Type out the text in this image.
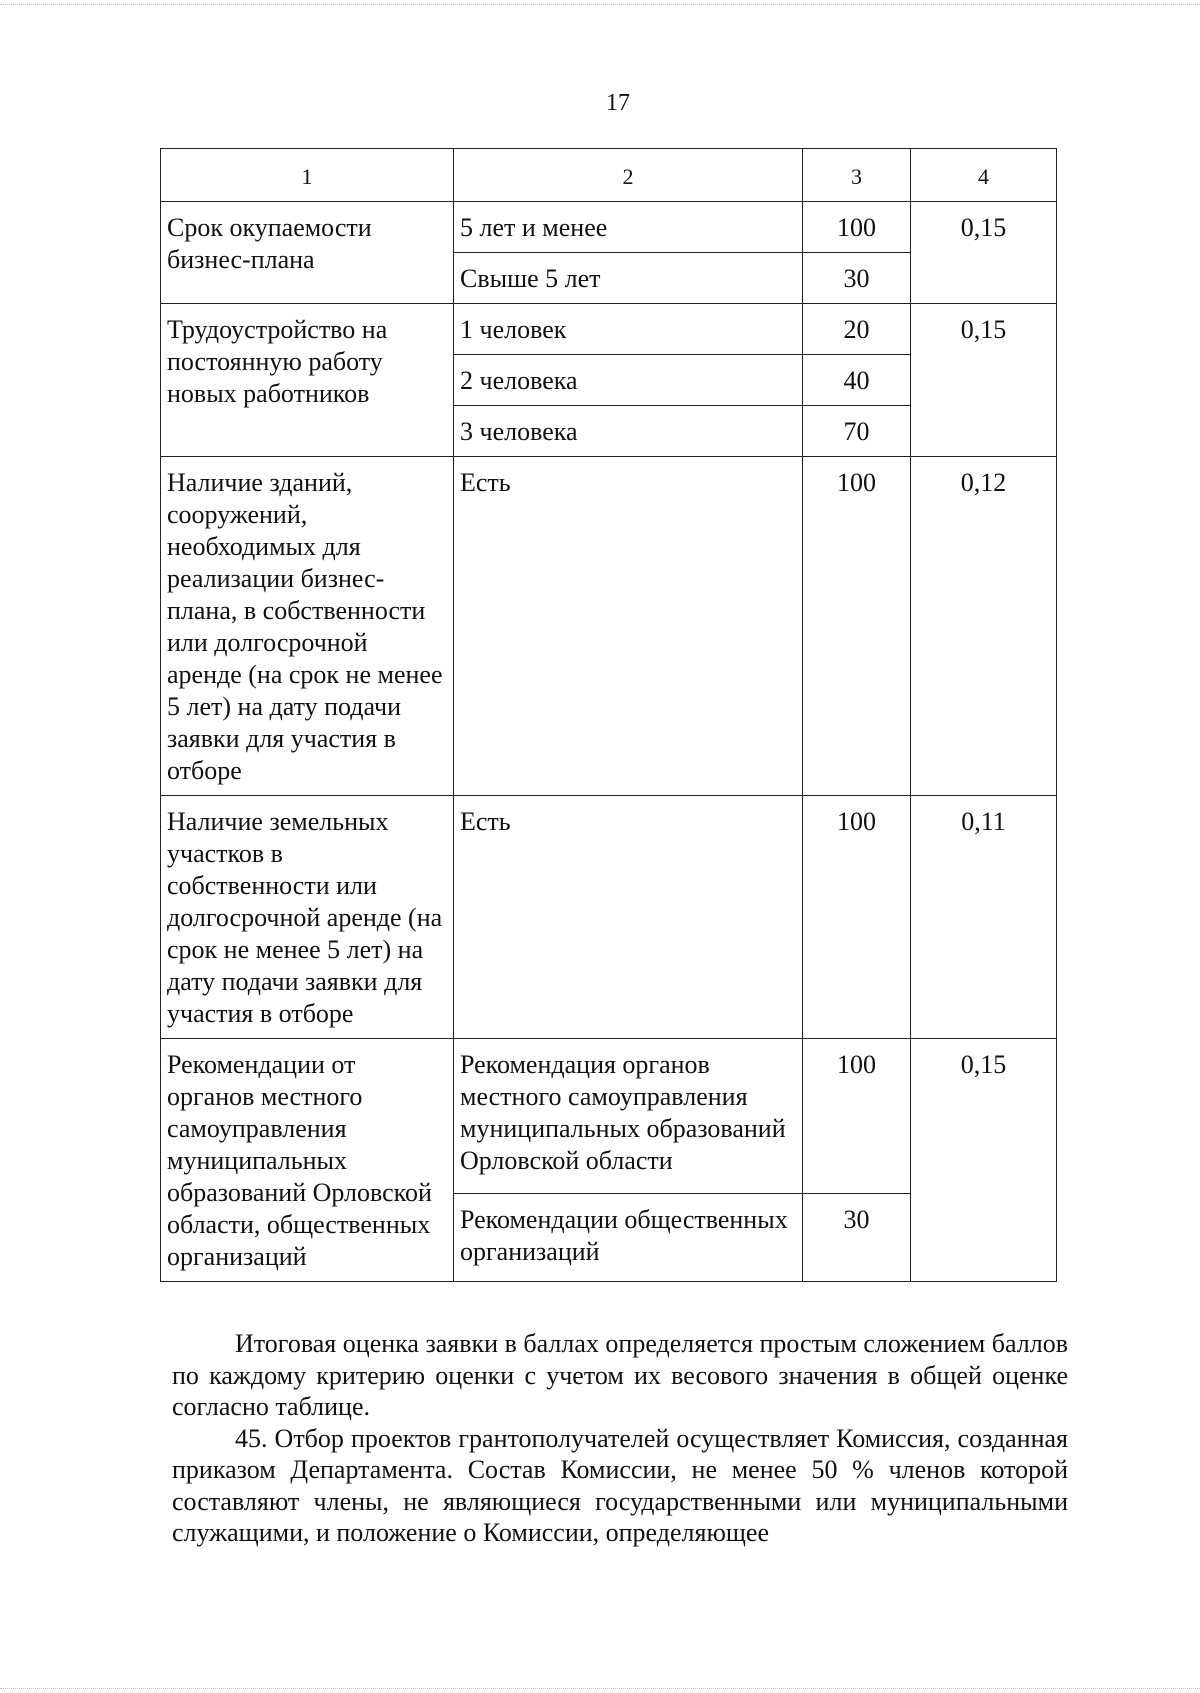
17
1	2	3	4
Срок окупаемости бизнес-плана	5 лет и менее	100	0,15
	Свыше 5 лет	30	
Трудоустройство на постоянную работу новых работников	1 человек	20	0,15
	2 человека	40	
	3 человека	70	
Наличие зданий, сооружений, необходимых для реализации бизнес-плана, в собственности или долгосрочной аренде (на срок не менее 5 лет) на дату подачи заявки для участия в отборе	Есть	100	0,12
Наличие земельных участков в собственности или долгосрочной аренде (на срок не менее 5 лет) на дату подачи заявки для участия в отборе	Есть	100	0,11
Рекомендации от органов местного самоуправления муниципальных образований Орловской области, общественных организаций	Рекомендация органов местного самоуправления муниципальных образований Орловской области	100	0,15
	Рекомендации общественных организаций	30	

Итоговая оценка заявки в баллах определяется простым сложением баллов по каждому критерию оценки с учетом их весового значения в общей оценке согласно таблице.

45. Отбор проектов грантополучателей осуществляет Комиссия, созданная приказом Департамента. Состав Комиссии, не менее 50 % членов которой составляют члены, не являющиеся государственными или муниципальными служащими, и положение о Комиссии, определяющее
